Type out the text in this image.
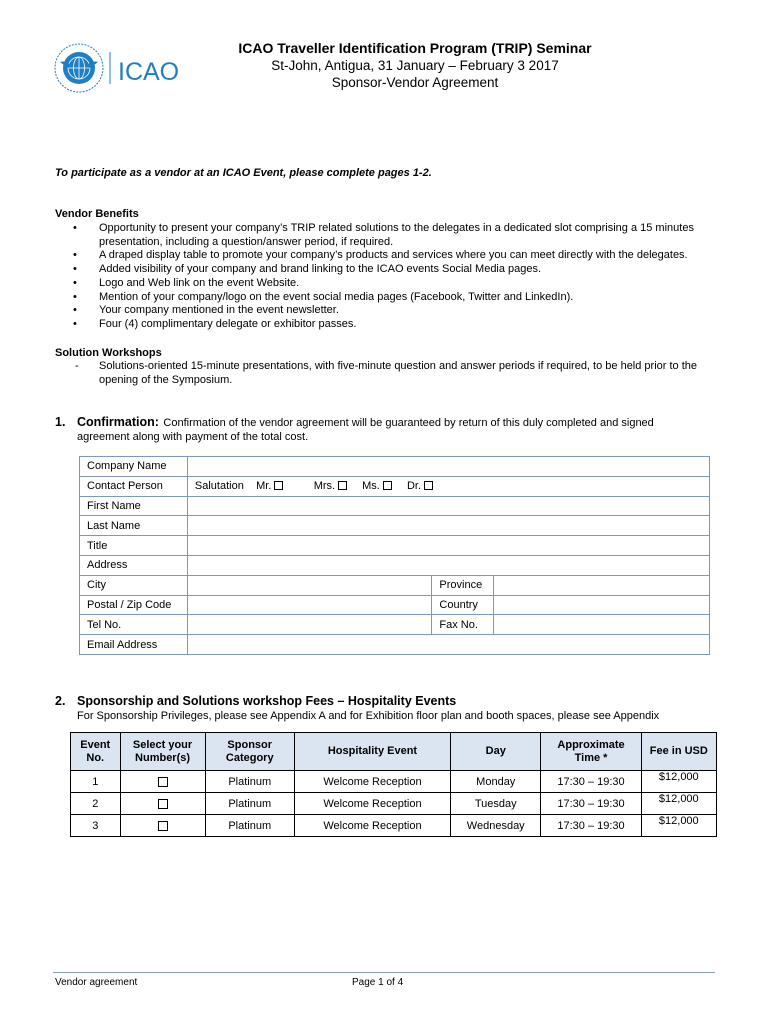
ICAO
ICAO Traveller Identification Program (TRIP) Seminar
St-John, Antigua, 31 January – February 3 2017
Sponsor-Vendor Agreement
To participate as a vendor at an ICAO Event, please complete pages 1-2.
Vendor Benefits
• Opportunity to present your company’s TRIP related solutions to the delegates in a dedicated slot comprising a 15 minutes presentation, including a question/answer period, if required.
• A draped display table to promote your company’s products and services where you can meet directly with the delegates.
• Added visibility of your company and brand linking to the ICAO events Social Media pages.
• Logo and Web link on the event Website.
• Mention of your company/logo on the event social media pages (Facebook, Twitter and LinkedIn).
• Your company mentioned in the event newsletter.
• Four (4) complimentary delegate or exhibitor passes.
Solution Workshops
- Solutions-oriented 15-minute presentations, with five-minute question and answer periods if required, to be held prior to the opening of the Symposium.
1. Confirmation: Confirmation of the vendor agreement will be guaranteed by return of this duly completed and signed
agreement along with payment of the total cost.
Company Name			
Contact Person	Salutation Mr. Mrs. Ms. Dr.		
First Name			
Last Name			
Title			
Address			
City		Province	
Postal / Zip Code		Country	
Tel No.		Fax No.	
Email Address			
2. Sponsorship and Solutions workshop Fees – Hospitality Events
For Sponsorship Privileges, please see Appendix A and for Exhibition floor plan and booth spaces, please see Appendix
Event No.	Select your Number(s)	Sponsor Category	Hospitality Event	Day	Approximate Time *	Fee in USD
1		Platinum	Welcome Reception	Monday	17:30 – 19:30	$12,000
2		Platinum	Welcome Reception	Tuesday	17:30 – 19:30	$12,000
3		Platinum	Welcome Reception	Wednesday	17:30 – 19:30	$12,000
Vendor agreement	Page 1 of 4
